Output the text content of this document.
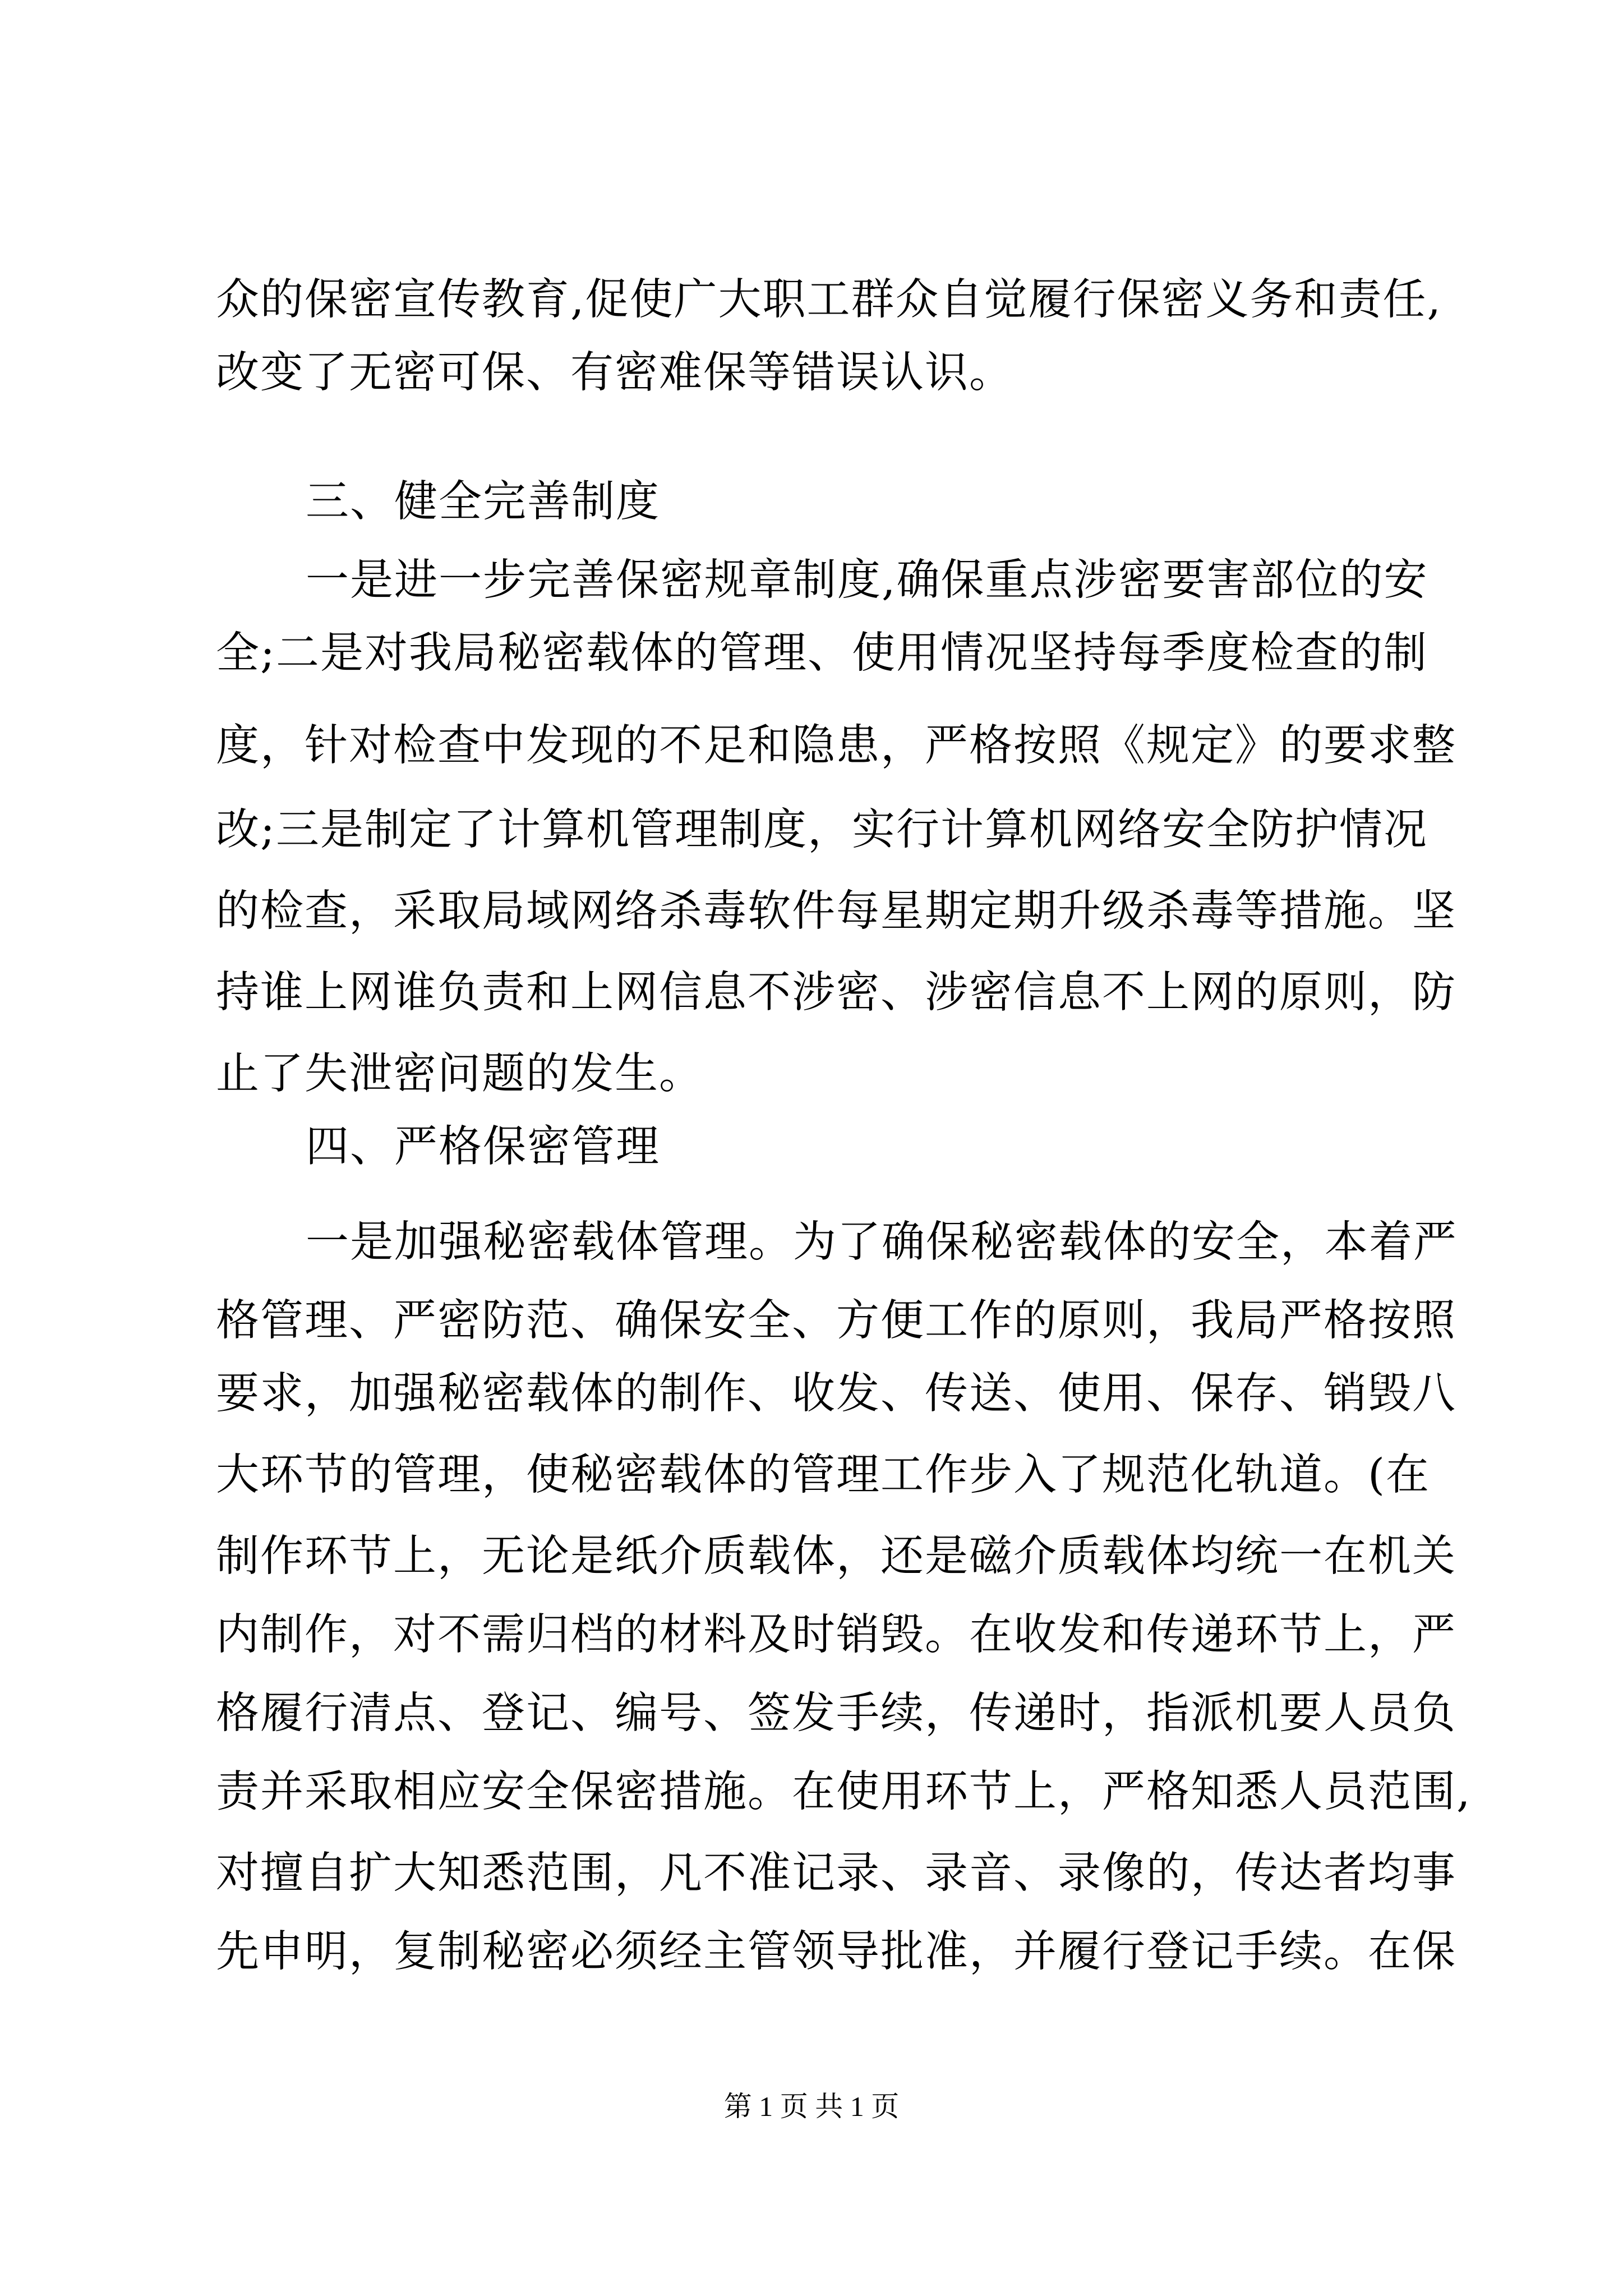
众的保密宣传教育,促使广大职工群众自觉履行保密义务和责任,
改变了无密可保、有密难保等错误认识。
三、健全完善制度
一是进一步完善保密规章制度,确保重点涉密要害部位的安
全;二是对我局秘密载体的管理、使用情况坚持每季度检查的制
度，针对检查中发现的不足和隐患，严格按照《规定》的要求整
改;三是制定了计算机管理制度，实行计算机网络安全防护情况
的检查，采取局域网络杀毒软件每星期定期升级杀毒等措施。坚
持谁上网谁负责和上网信息不涉密、涉密信息不上网的原则，防
止了失泄密问题的发生。
四、严格保密管理
一是加强秘密载体管理。为了确保秘密载体的安全，本着严
格管理、严密防范、确保安全、方便工作的原则，我局严格按照
要求，加强秘密载体的制作、收发、传送、使用、保存、销毁八
大环节的管理，使秘密载体的管理工作步入了规范化轨道。(在
制作环节上，无论是纸介质载体，还是磁介质载体均统一在机关
内制作，对不需归档的材料及时销毁。在收发和传递环节上，严
格履行清点、登记、编号、签发手续，传递时，指派机要人员负
责并采取相应安全保密措施。在使用环节上，严格知悉人员范围,
对擅自扩大知悉范围，凡不准记录、录音、录像的，传达者均事
先申明，复制秘密必须经主管领导批准，并履行登记手续。在保
第 1 页 共 1 页
